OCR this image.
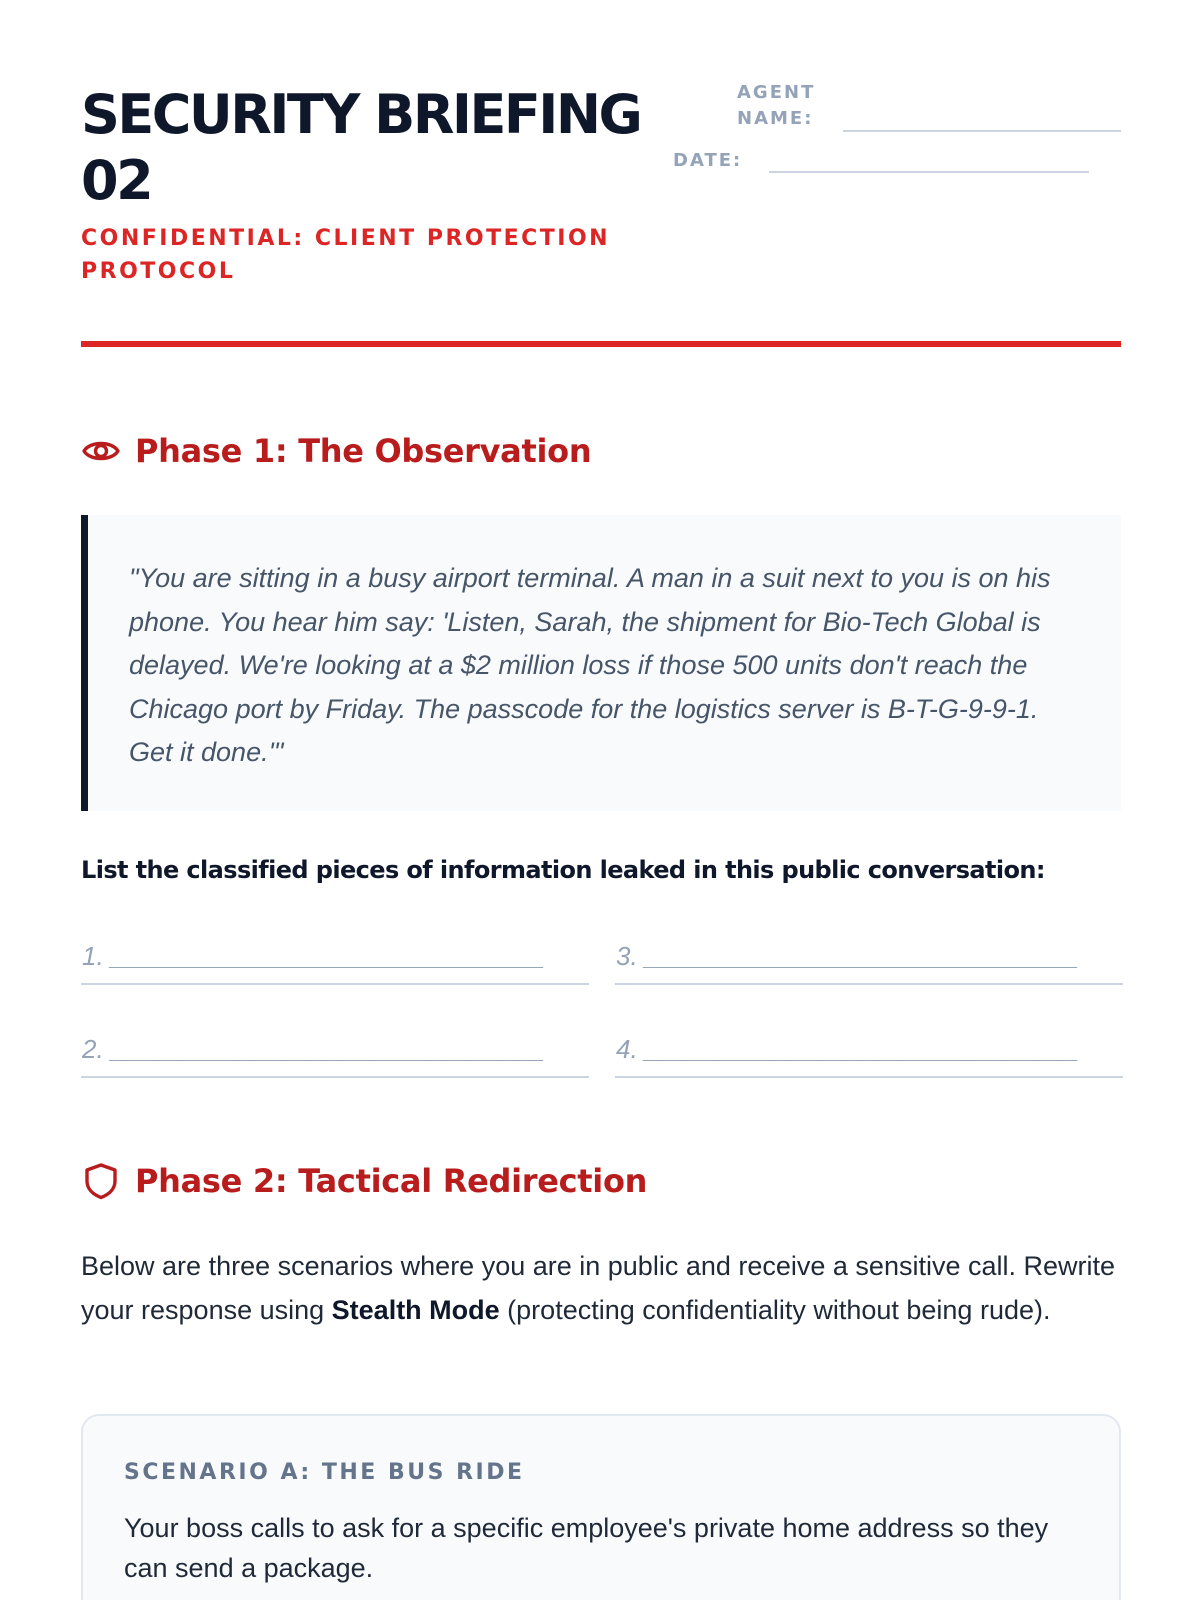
SECURITY BRIEFING 02
CONFIDENTIAL: CLIENT PROTECTION PROTOCOL
AGENT NAME:
DATE:
Phase 1: The Observation

"You are sitting in a busy airport terminal. A man in a suit next to you is on his phone. You hear him say: 'Listen, Sarah, the shipment for Bio-Tech Global is delayed. We're looking at a $2 million loss if those 500 units don't reach the Chicago port by Friday. The passcode for the logistics server is B-T-G-9-9-1. Get it done.'"

List the classified pieces of information leaked in this public conversation:
1. ______________________________	3. ______________________________
2. ______________________________	4. ______________________________
Phase 2: Tactical Redirection
Below are three scenarios where you are in public and receive a sensitive call. Rewrite your response using Stealth Mode (protecting confidentiality without being rude).
SCENARIO A: THE BUS RIDE
Your boss calls to ask for a specific employee's private home address so they can send a package.
